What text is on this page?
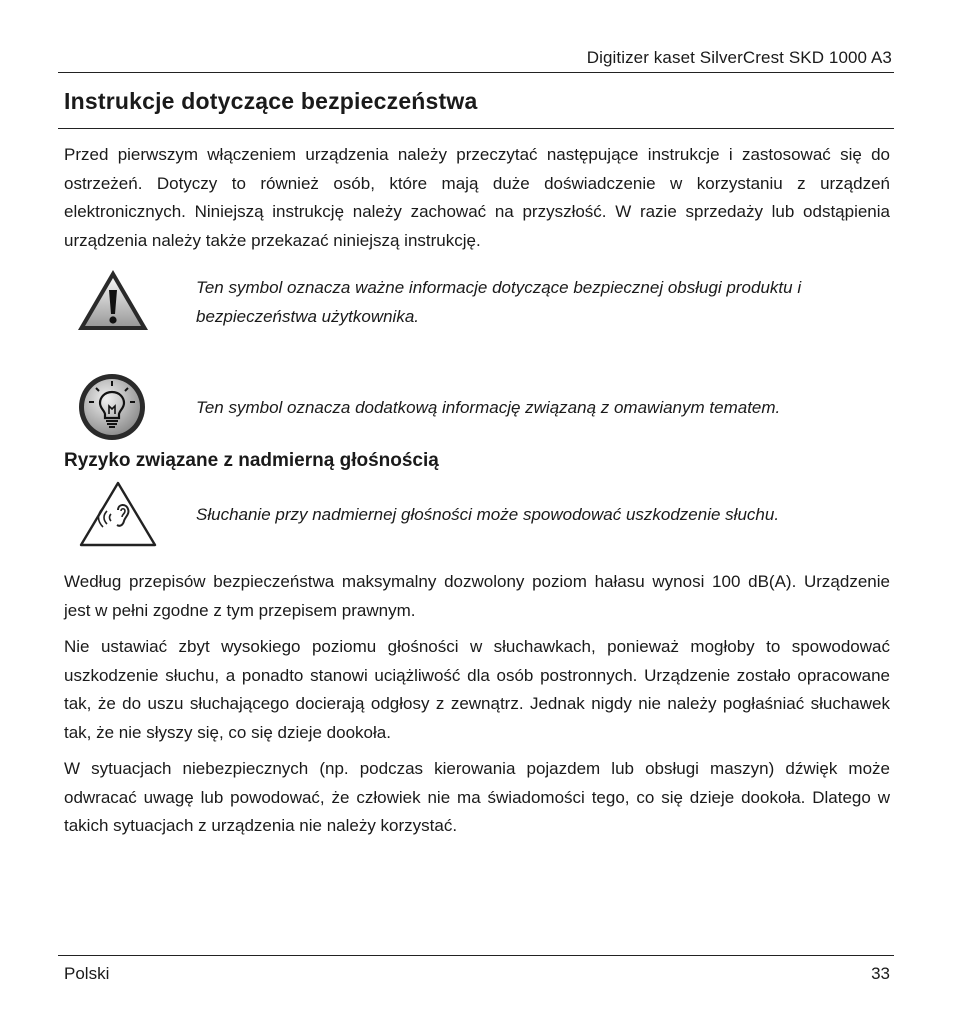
Digitizer kaset SilverCrest SKD 1000 A3
Instrukcje dotyczące bezpieczeństwa

Przed pierwszym włączeniem urządzenia należy przeczytać następujące instrukcje i zastosować się do ostrzeżeń. Dotyczy to również osób, które mają duże doświadczenie w korzystaniu z urządzeń elektronicznych. Niniejszą instrukcję należy zachować na przyszłość. W razie sprzedaży lub odstąpienia urządzenia należy także przekazać niniejszą instrukcję.

Ten symbol oznacza ważne informacje dotyczące bezpiecznej obsługi produktu i bezpieczeństwa użytkownika.

Ten symbol oznacza dodatkową informację związaną z omawianym tematem.

Ryzyko związane z nadmierną głośnością

Słuchanie przy nadmiernej głośności może spowodować uszkodzenie słuchu.

Według przepisów bezpieczeństwa maksymalny dozwolony poziom hałasu wynosi 100 dB(A). Urządzenie jest w pełni zgodne z tym przepisem prawnym.

Nie ustawiać zbyt wysokiego poziomu głośności w słuchawkach, ponieważ mogłoby to spowodować uszkodzenie słuchu, a ponadto stanowi uciążliwość dla osób postronnych. Urządzenie zostało opracowane tak, że do uszu słuchającego docierają odgłosy z zewnątrz. Jednak nigdy nie należy pogłaśniać słuchawek tak, że nie słyszy się, co się dzieje dookoła.

W sytuacjach niebezpiecznych (np. podczas kierowania pojazdem lub obsługi maszyn) dźwięk może odwracać uwagę lub powodować, że człowiek nie ma świadomości tego, co się dzieje dookoła. Dlatego w takich sytuacjach z urządzenia nie należy korzystać.

Polski	33
